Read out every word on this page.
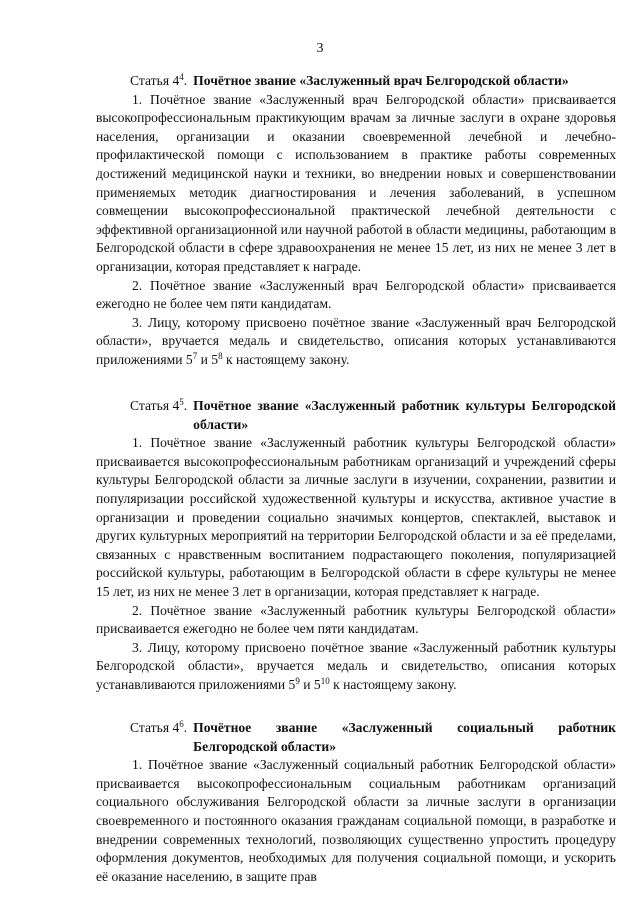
3
Статья $4^4$. Почётное звание «Заслуженный врач Белгородской области»

1. Почётное звание «Заслуженный врач Белгородской области» присваивается высокопрофессиональным практикующим врачам за личные заслуги в охране здоровья населения, организации и оказании своевременной лечебной и лечебно-профилактической помощи с использованием в практике работы современных достижений медицинской науки и техники, во внедрении новых и совершенствовании применяемых методик диагностирования и лечения заболеваний, в успешном совмещении высокопрофессиональной практической лечебной деятельности с эффективной организационной или научной работой в области медицины, работающим в Белгородской области в сфере здравоохранения не менее 15 лет, из них не менее 3 лет в организации, которая представляет к награде.

2. Почётное звание «Заслуженный врач Белгородской области» присваивается ежегодно не более чем пяти кандидатам.

3. Лицу, которому присвоено почётное звание «Заслуженный врач Белгородской области», вручается медаль и свидетельство, описания которых устанавливаются приложениями $5^7$ и $5^8$ к настоящему закону.

Статья $4^5$. Почётное звание «Заслуженный работник культуры Белгородской области»

1. Почётное звание «Заслуженный работник культуры Белгородской области» присваивается высокопрофессиональным работникам организаций и учреждений сферы культуры Белгородской области за личные заслуги в изучении, сохранении, развитии и популяризации российской художественной культуры и искусства, активное участие в организации и проведении социально значимых концертов, спектаклей, выставок и других культурных мероприятий на территории Белгородской области и за её пределами, связанных с нравственным воспитанием подрастающего поколения, популяризацией российской культуры, работающим в Белгородской области в сфере культуры не менее 15 лет, из них не менее 3 лет в организации, которая представляет к награде.

2. Почётное звание «Заслуженный работник культуры Белгородской области» присваивается ежегодно не более чем пяти кандидатам.

3. Лицу, которому присвоено почётное звание «Заслуженный работник культуры Белгородской области», вручается медаль и свидетельство, описания которых устанавливаются приложениями $5^9$ и $5^{10}$ к настоящему закону.

Статья $4^6$. Почётное звание «Заслуженный социальный работник Белгородской области»

1. Почётное звание «Заслуженный социальный работник Белгородской области» присваивается высокопрофессиональным социальным работникам организаций социального обслуживания Белгородской области за личные заслуги в организации своевременного и постоянного оказания гражданам социальной помощи, в разработке и внедрении современных технологий, позволяющих существенно упростить процедуру оформления документов, необходимых для получения социальной помощи, и ускорить её оказание населению, в защите прав
